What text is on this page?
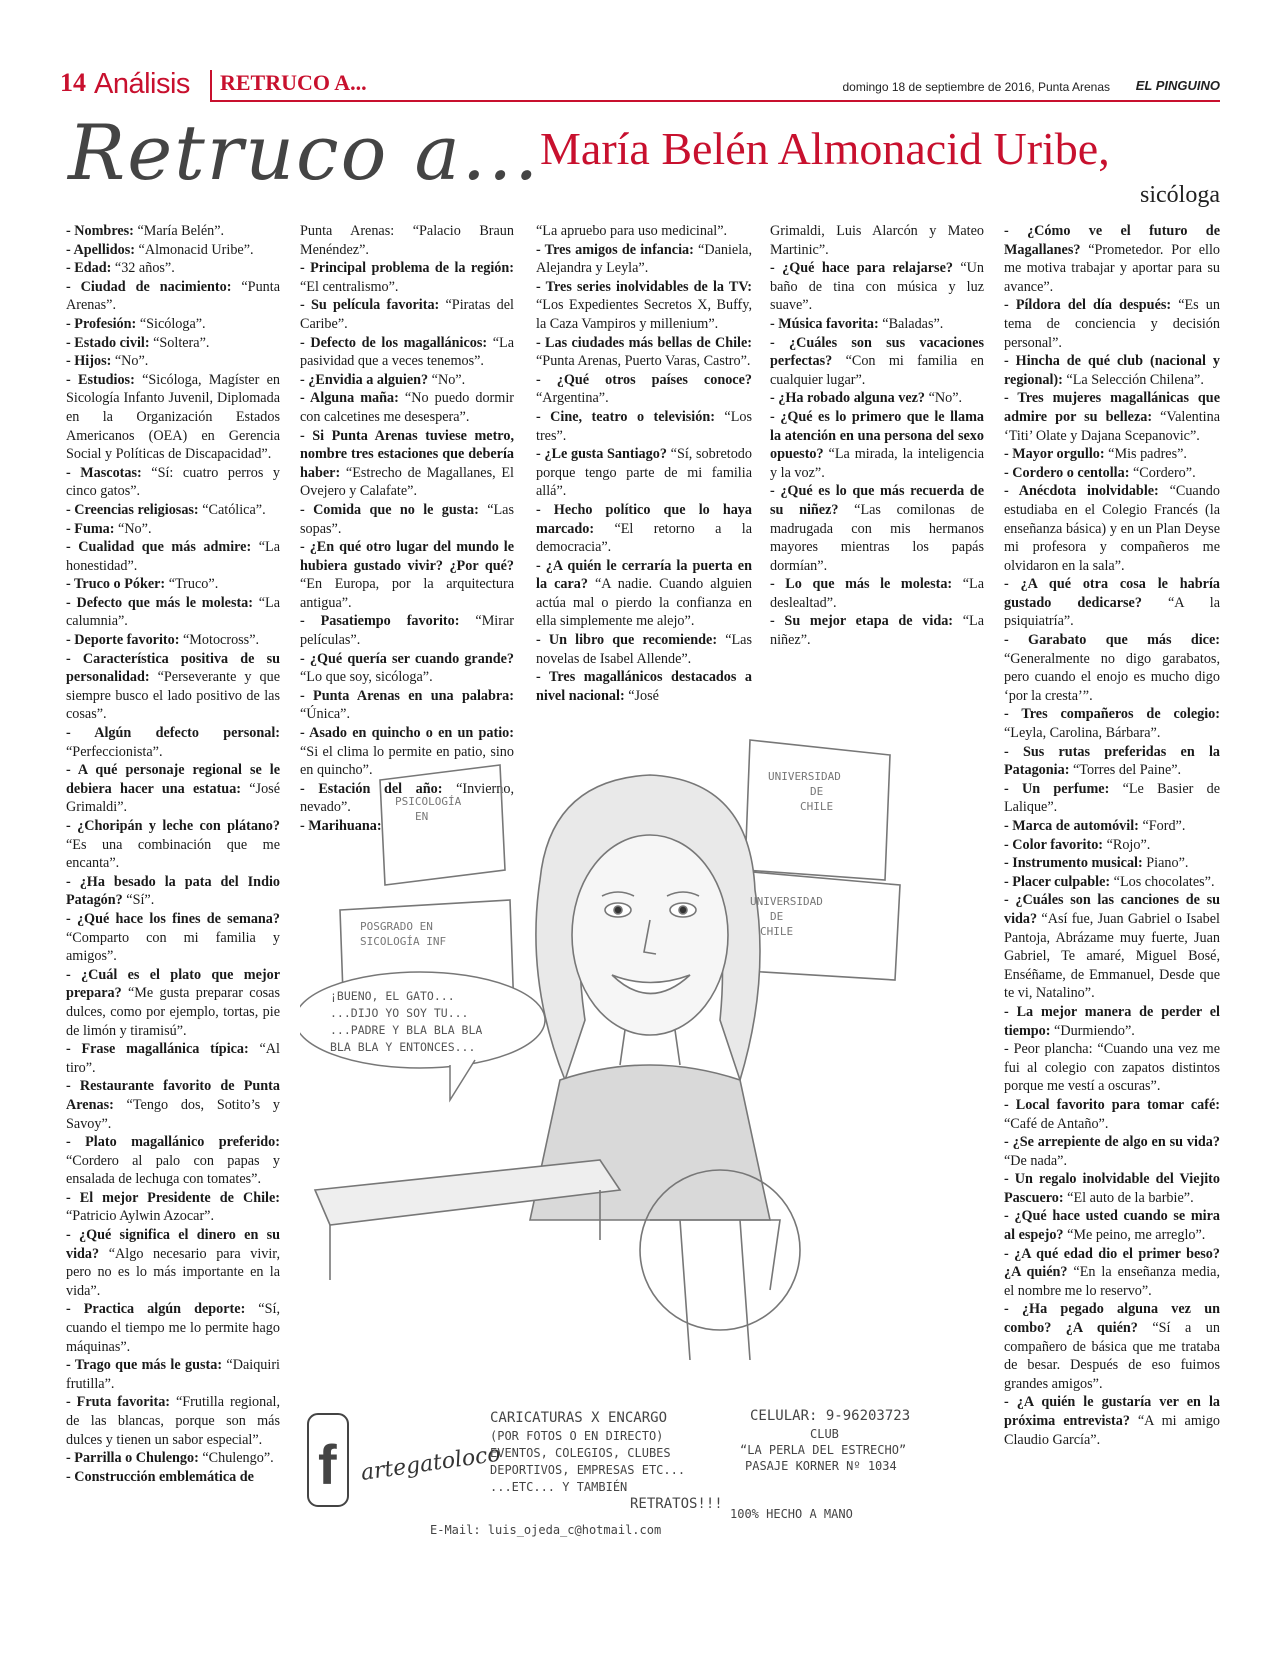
14 Análisis	RETRUCO A...	domingo 18 de septiembre de 2016, Punta Arenas EL PINGUINO
Retruco a... María Belén Almonacid Uribe,
sicóloga

- Nombres: “María Belén”.

- Apellidos: “Almonacid Uribe”.

- Edad: “32 años”.

- Ciudad de nacimiento: “Punta Arenas”.

- Profesión: “Sicóloga”.

- Estado civil: “Soltera”.

- Hijos: “No”.

- Estudios: “Sicóloga, Magíster en Sicología Infanto Juvenil, Diplomada en la Organización Estados Americanos (OEA) en Gerencia Social y Políticas de Discapacidad”.

- Mascotas: “Sí: cuatro perros y cinco gatos”.

- Creencias religiosas: “Católica”.

- Fuma: “No”.

- Cualidad que más admire: “La honestidad”.

- Truco o Póker: “Truco”.

- Defecto que más le molesta: “La calumnia”.

- Deporte favorito: “Motocross”.

- Característica positiva de su personalidad: “Perseverante y que siempre busco el lado positivo de las cosas”.

- Algún defecto personal: “Perfeccionista”.

- A qué personaje regional se le debiera hacer una estatua: “José Grimaldi”.

- ¿Choripán y leche con plátano? “Es una combinación que me encanta”.

- ¿Ha besado la pata del Indio Patagón? “Sí”.

- ¿Qué hace los fines de semana? “Comparto con mi familia y amigos”.

- ¿Cuál es el plato que mejor prepara? “Me gusta preparar cosas dulces, como por ejemplo, tortas, pie de limón y tiramisú”.

- Frase magallánica típica: “Al tiro”.

- Restaurante favorito de Punta Arenas: “Tengo dos, Sotito’s y Savoy”.

- Plato magallánico preferido: “Cordero al palo con papas y ensalada de lechuga con tomates”.

- El mejor Presidente de Chile: “Patricio Aylwin Azocar”.

- ¿Qué significa el dinero en su vida? “Algo necesario para vivir, pero no es lo más importante en la vida”.

- Practica algún deporte: “Sí, cuando el tiempo me lo permite hago máquinas”.

- Trago que más le gusta: “Daiquiri frutilla”.

- Fruta favorita: “Frutilla regional, de las blancas, porque son más dulces y tienen un sabor especial”.

- Parrilla o Chulengo: “Chulengo”.

- Construcción emblemática de

Punta Arenas: “Palacio Braun Menéndez”.

- Principal problema de la región: “El centralismo”.

- Su película favorita: “Piratas del Caribe”.

- Defecto de los magallánicos: “La pasividad que a veces tenemos”.

- ¿Envidia a alguien? “No”.

- Alguna maña: “No puedo dormir con calcetines me desespera”.

- Si Punta Arenas tuviese metro, nombre tres estaciones que debería haber: “Estrecho de Magallanes, El Ovejero y Calafate”.

- Comida que no le gusta: “Las sopas”.

- ¿En qué otro lugar del mundo le hubiera gustado vivir? ¿Por qué? “En Europa, por la arquitectura antigua”.

- Pasatiempo favorito: “Mirar películas”.

- ¿Qué quería ser cuando grande? “Lo que soy, sicóloga”.

- Punta Arenas en una palabra: “Única”.

- Asado en quincho o en un patio: “Si el clima lo permite en patio, sino en quincho”.

- Estación del año: “Invierno, nevado”.

- Marihuana:

“La apruebo para uso medicinal”.

- Tres amigos de infancia: “Daniela, Alejandra y Leyla”.

- Tres series inolvidables de la TV: “Los Expedientes Secretos X, Buffy, la Caza Vampiros y millenium”.

- Las ciudades más bellas de Chile: “Punta Arenas, Puerto Varas, Castro”.

- ¿Qué otros países conoce? “Argentina”.

- Cine, teatro o televisión: “Los tres”.

- ¿Le gusta Santiago? “Sí, sobretodo porque tengo parte de mi familia allá”.

- Hecho político que lo haya marcado: “El retorno a la democracia”.

- ¿A quién le cerraría la puerta en la cara? “A nadie. Cuando alguien actúa mal o pierdo la confianza en ella simplemente me alejo”.

- Un libro que recomiende: “Las novelas de Isabel Allende”.

- Tres magallánicos destacados a nivel nacional: “José

Grimaldi, Luis Alarcón y Mateo Martinic”.

- ¿Qué hace para relajarse? “Un baño de tina con música y luz suave”.

- Música favorita: “Baladas”.

- ¿Cuáles son sus vacaciones perfectas? “Con mi familia en cualquier lugar”.

- ¿Ha robado alguna vez? “No”.

- ¿Qué es lo primero que le llama la atención en una persona del sexo opuesto? “La mirada, la inteligencia y la voz”.

- ¿Qué es lo que más recuerda de su niñez? “Las comilonas de madrugada con mis hermanos mayores mientras los papás dormían”.

- Lo que más le molesta: “La deslealtad”.

- Su mejor etapa de vida: “La niñez”.

- ¿Cómo ve el futuro de Magallanes? “Prometedor. Por ello me motiva trabajar y aportar para su avance”.

- Píldora del día después: “Es un tema de conciencia y decisión personal”.

- Hincha de qué club (nacional y regional): “La Selección Chilena”.

- Tres mujeres magallánicas que admire por su belleza: “Valentina ‘Titi’ Olate y Dajana Scepanovic”.

- Mayor orgullo: “Mis padres”.

- Cordero o centolla: “Cordero”.

- Anécdota inolvidable: “Cuando estudiaba en el Colegio Francés (la enseñanza básica) y en un Plan Deyse mi profesora y compañeros me olvidaron en la sala”.

- ¿A qué otra cosa le habría gustado dedicarse? “A la psiquiatría”.

- Garabato que más dice: “Generalmente no digo garabatos, pero cuando el enojo es mucho digo ‘por la cresta’”.

- Tres compañeros de colegio: “Leyla, Carolina, Bárbara”.

- Sus rutas preferidas en la Patagonia: “Torres del Paine”.

- Un perfume: “Le Basier de Lalique”.

- Marca de automóvil: “Ford”.

- Color favorito: “Rojo”.

- Instrumento musical: Piano”.

- Placer culpable: “Los chocolates”.

- ¿Cuáles son las canciones de su vida? “Así fue, Juan Gabriel o Isabel Pantoja, Abrázame muy fuerte, Juan Gabriel, Te amaré, Miguel Bosé, Enséñame, de Emmanuel, Desde que te vi, Natalino”.

- La mejor manera de perder el tiempo: “Durmiendo”.

- Peor plancha: “Cuando una vez me fui al colegio con zapatos distintos porque me vestí a oscuras”.

- Local favorito para tomar café: “Café de Antaño”.

- ¿Se arrepiente de algo en su vida? “De nada”.

- Un regalo inolvidable del Viejito Pascuero: “El auto de la barbie”.

- ¿Qué hace usted cuando se mira al espejo? “Me peino, me arreglo”.

- ¿A qué edad dio el primer beso? ¿A quién? “En la enseñanza media, el nombre me lo reservo”.

- ¿Ha pegado alguna vez un combo? ¿A quién? “Sí a un compañero de básica que me trataba de besar. Después de eso fuimos grandes amigos”.

- ¿A quién le gustaría ver en la próxima entrevista? “A mi amigo Claudio García”.

¡BUENO, EL GATO... ...DIJO YO SOY TU... ...PADRE Y BLA BLA BLA BLA BLA Y ENTONCES...
UNIVERSIDAD DE CHILE
PSICOLOGÍA EN
UNIVERSIDAD DE CHILE
POSGRADO EN SICOLOGÍA INF
f artegatoloco
CARICATURAS X ENCARGO (POR FOTOS O EN DIRECTO) EVENTOS, COLEGIOS, CLUBES DEPORTIVOS, EMPRESAS ETC... ...ETC... Y TAMBIÉN RETRATOS!!! E-Mail: luis_ojeda_c@hotmail.com
CELULAR: 9-96203723 CLUB “LA PERLA DEL ESTRECHO” PASAJE KORNER Nº 1034 100% HECHO A MANO
